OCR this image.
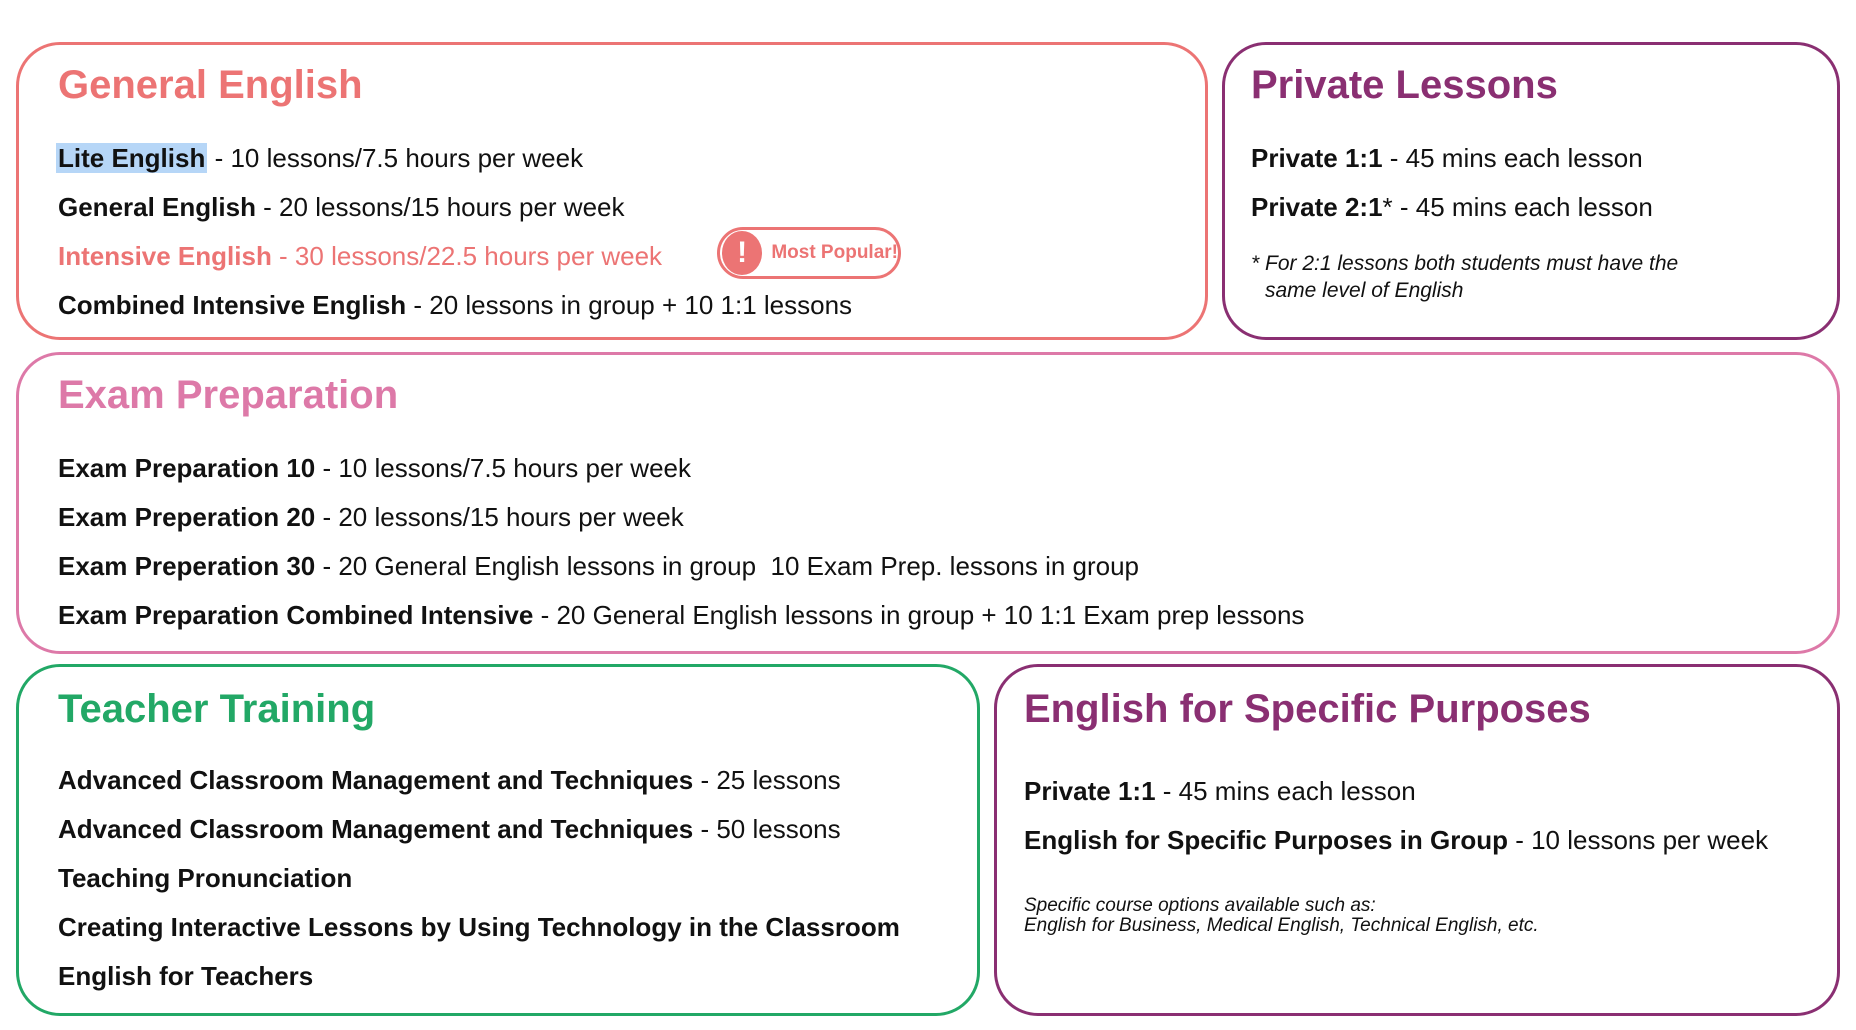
General English
Lite English - 10 lessons/7.5 hours per week
General English - 20 lessons/15 hours per week
Intensive English - 30 lessons/22.5 hours per week	!	Most Popular!
Combined Intensive English - 20 lessons in group + 10 1:1 lessons
Private Lessons
Private 1:1 - 45 mins each lesson
Private 2:1* - 45 mins each lesson
* For 2:1 lessons both students must have the
same level of English
Exam Preparation
Exam Preparation 10 - 10 lessons/7.5 hours per week
Exam Preperation 20 - 20 lessons/15 hours per week
Exam Preperation 30 - 20 General English lessons in group  10 Exam Prep. lessons in group
Exam Preparation Combined Intensive - 20 General English lessons in group + 10 1:1 Exam prep lessons
Teacher Training
Advanced Classroom Management and Techniques - 25 lessons
Advanced Classroom Management and Techniques - 50 lessons
Teaching Pronunciation
Creating Interactive Lessons by Using Technology in the Classroom
English for Teachers
English for Specific Purposes
Private 1:1 - 45 mins each lesson
English for Specific Purposes in Group - 10 lessons per week
Specific course options available such as:
English for Business, Medical English, Technical English, etc.
